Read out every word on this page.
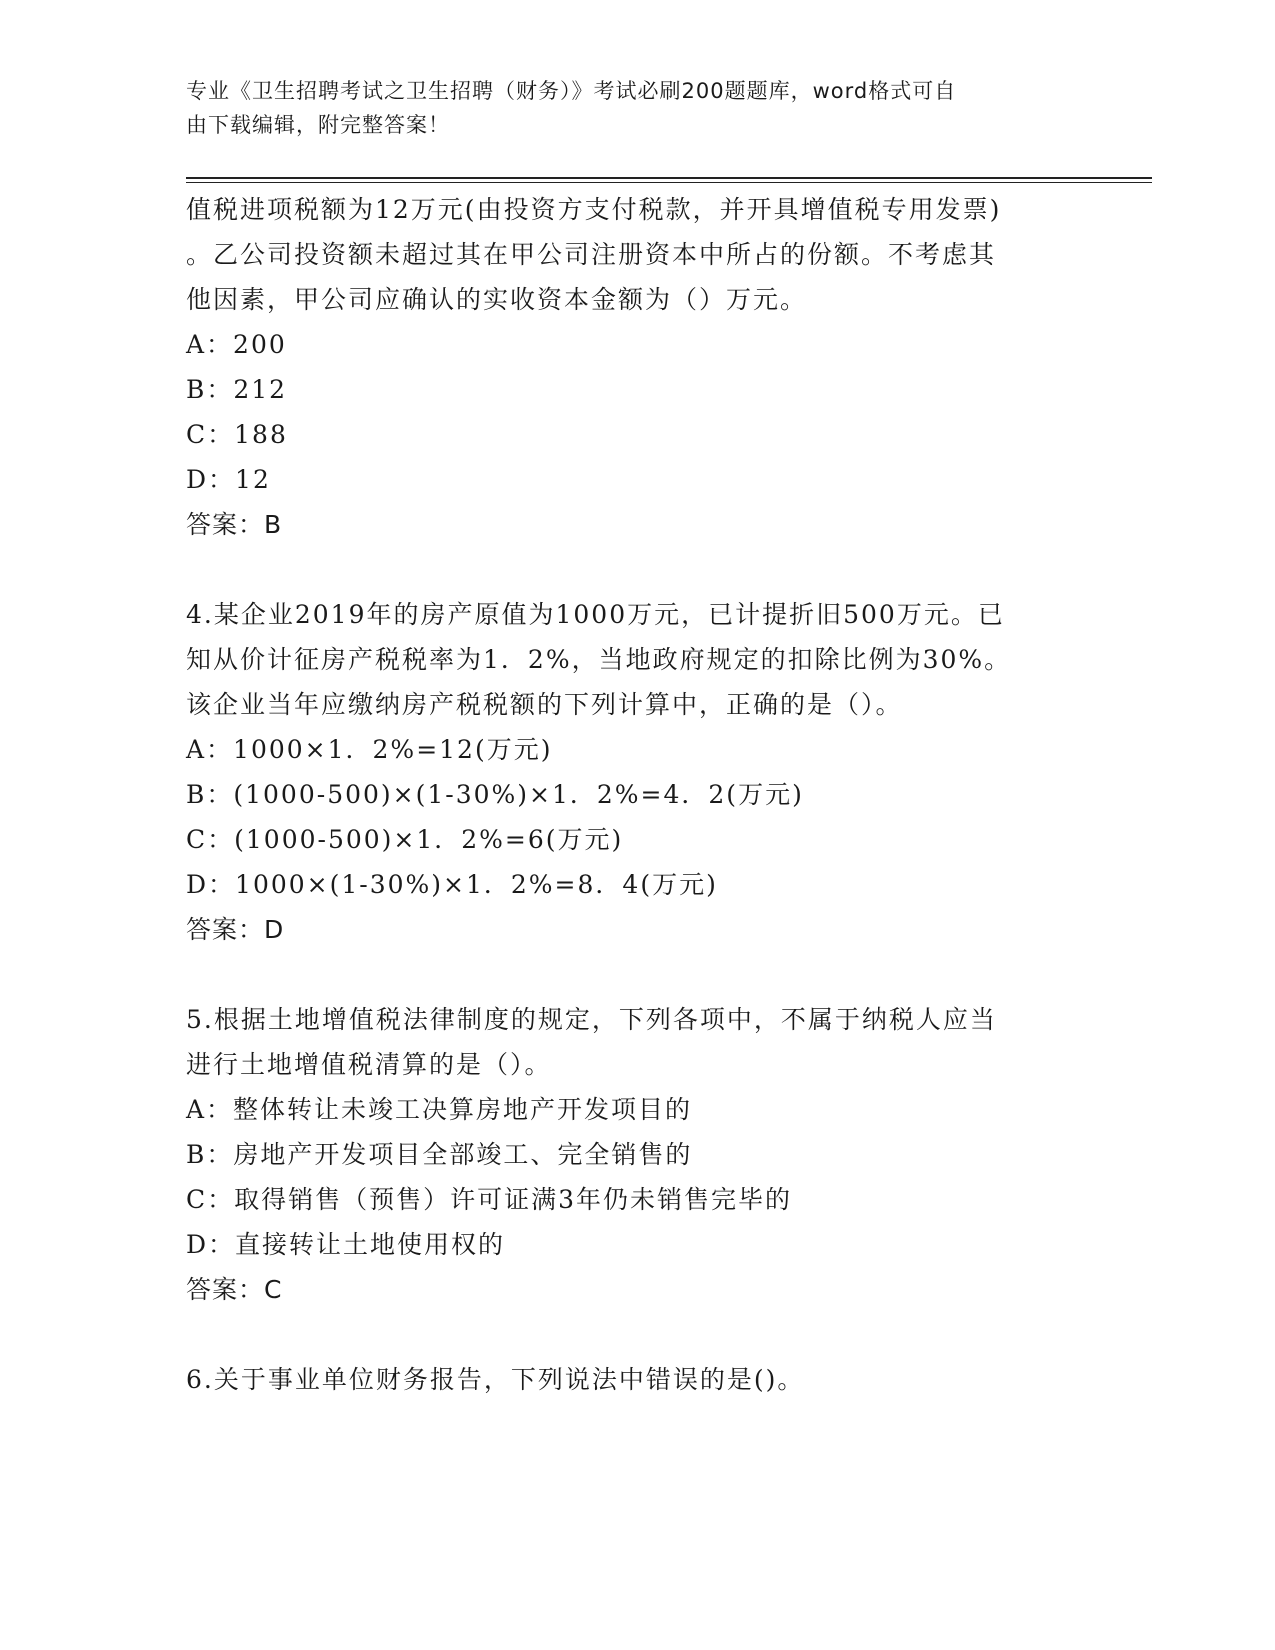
专业《卫生招聘考试之卫生招聘（财务）》考试必刷200题题库，word格式可自
由下载编辑，附完整答案！
值税进项税额为12万元(由投资方支付税款，并开具增值税专用发票)
。乙公司投资额未超过其在甲公司注册资本中所占的份额。不考虑其
他因素，甲公司应确认的实收资本金额为（）万元。
A：200
B：212
C：188
D：12
答案：B
4.某企业2019年的房产原值为1000万元，已计提折旧500万元。已
知从价计征房产税税率为1．2%，当地政府规定的扣除比例为30%。
该企业当年应缴纳房产税税额的下列计算中，正确的是（）。
A：1000×1．2%=12(万元)
B：(1000-500)×(1-30%)×1．2%=4．2(万元)
C：(1000-500)×1．2%=6(万元)
D：1000×(1-30%)×1．2%=8．4(万元)
答案：D
5.根据土地增值税法律制度的规定，下列各项中，不属于纳税人应当
进行土地增值税清算的是（）。
A：整体转让未竣工决算房地产开发项目的
B：房地产开发项目全部竣工、完全销售的
C：取得销售（预售）许可证满3年仍未销售完毕的
D：直接转让土地使用权的
答案：C
6.关于事业单位财务报告，下列说法中错误的是()。
